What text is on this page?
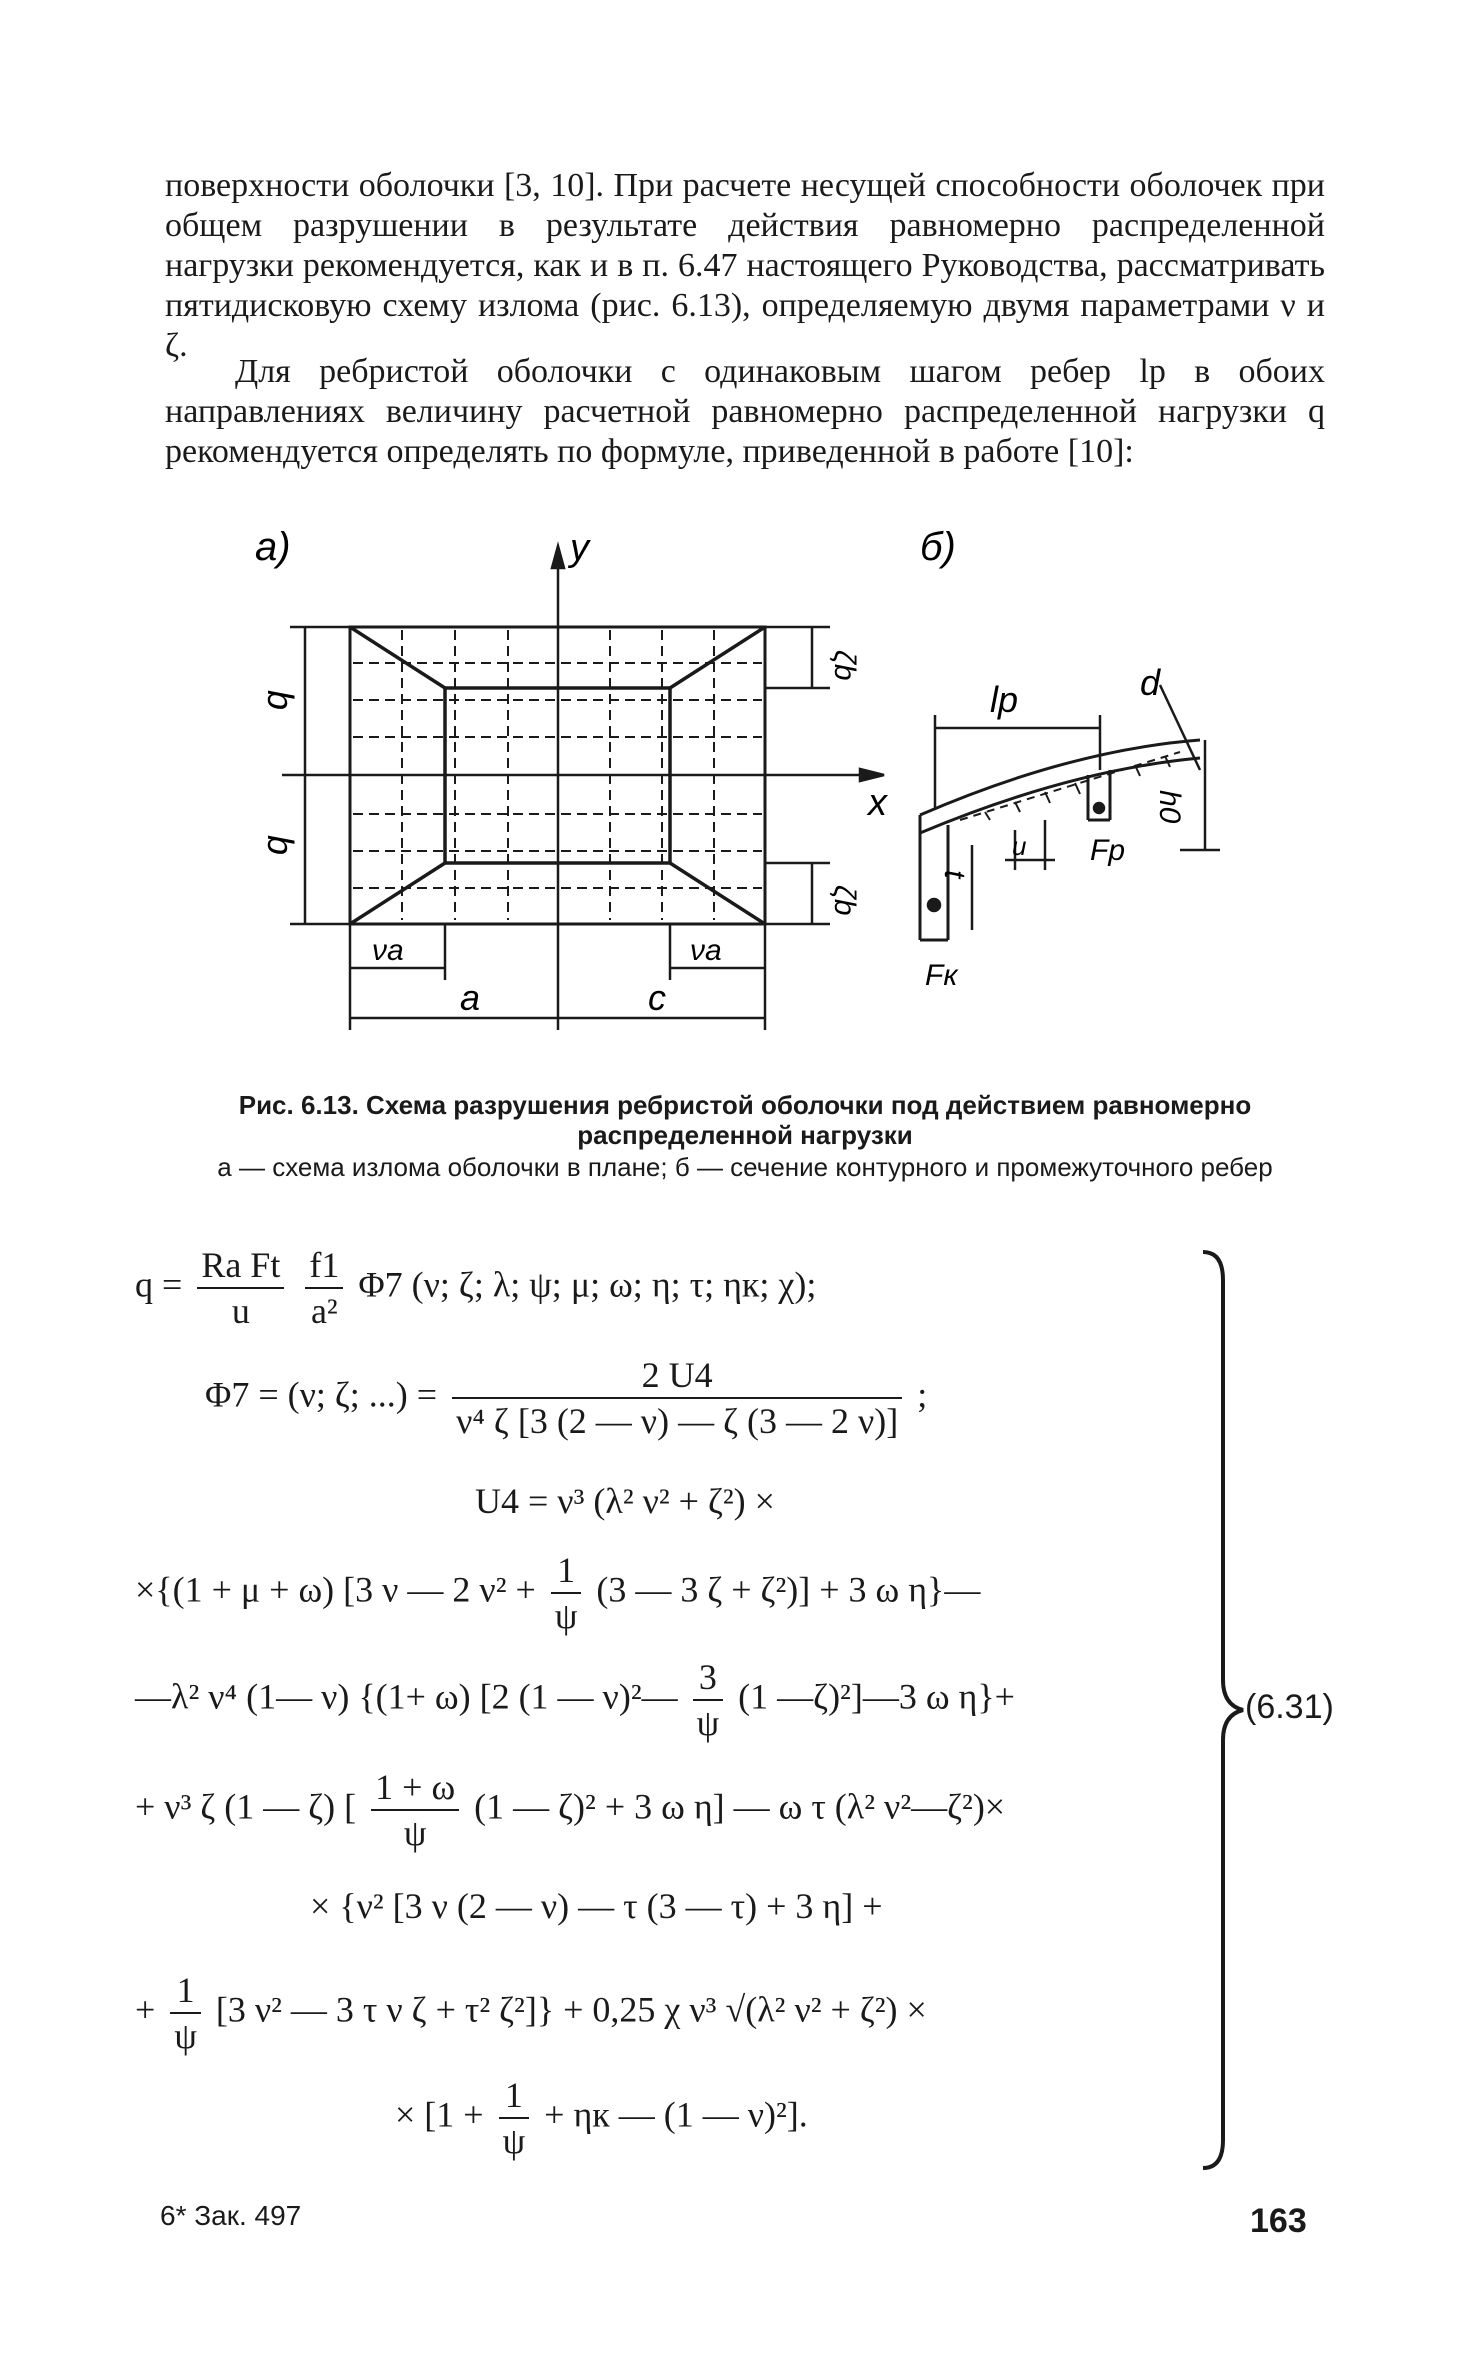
поверхности оболочки [3, 10]. При расчете несущей способности оболочек при общем разрушении в результате действия равномерно распределенной нагрузки рекомендуется, как и в п. 6.47 настоящего Руководства, рассматривать пятидисковую схему излома (рис. 6.13), определяемую двумя параметрами ν и ζ.
Для ребристой оболочки с одинаковым шагом ребер lр в обоих направлениях величину расчетной равномерно распределенной нагрузки q рекомендуется определять по формуле, приведенной в работе [10]:
а)	б)
y
x
b
b
ζb
ζb
νa	νa
a	c
lр	d
u
t
h0
Fр
Fк
Рис. 6.13. Схема разрушения ребристой оболочки под действием равномерно распределенной нагрузки
а — схема излома оболочки в плане; б — сечение контурного и промежуточного ребер
$q = \frac{\text{Rа Ft}}{u}$
$\frac{f1}{\text{a²}} \Phi 7$ (ν; ζ; λ; ψ; μ; ω; η; τ; ηк; χ);
Φ7 = (ν; ζ; ...) = $\frac{2 U4}{\text{ν⁴ ζ [3 (2 — ν) — ζ (3 — 2 ν)]}}$ ;
U4 = ν³ (λ² ν² + ζ²) ×
×{(1 + μ + ω) [3 ν — 2 $\nu^2 + \frac{1}{\psi} (3$ — 3 ζ + ζ²)] + 3 ω η}—
—λ² ν⁴ (1— ν) {(1+ ω) [2 (1 — ν)²— $\frac{3}{\psi} (1$ —ζ)²]—3 ω η}+
+ ν³ ζ (1 — ζ) [ $\frac{1 + \omega}{\psi} (1$ — ζ)² + 3 ω η] — ω τ (λ² ν²—ζ²)×
× {ν² [3 ν (2 — ν) — τ (3 — τ) + 3 η] +
+ $\frac{1}{\psi} [3$ ν² — 3 τ ν ζ + τ² ζ²]} + 0,25 χ ν³ √(λ² ν² + ζ²) ×
× [$1 + \frac{1}{\psi} + \eta к$ — (1 — ν)²].
(6.31)
6* Зак. 497	163
